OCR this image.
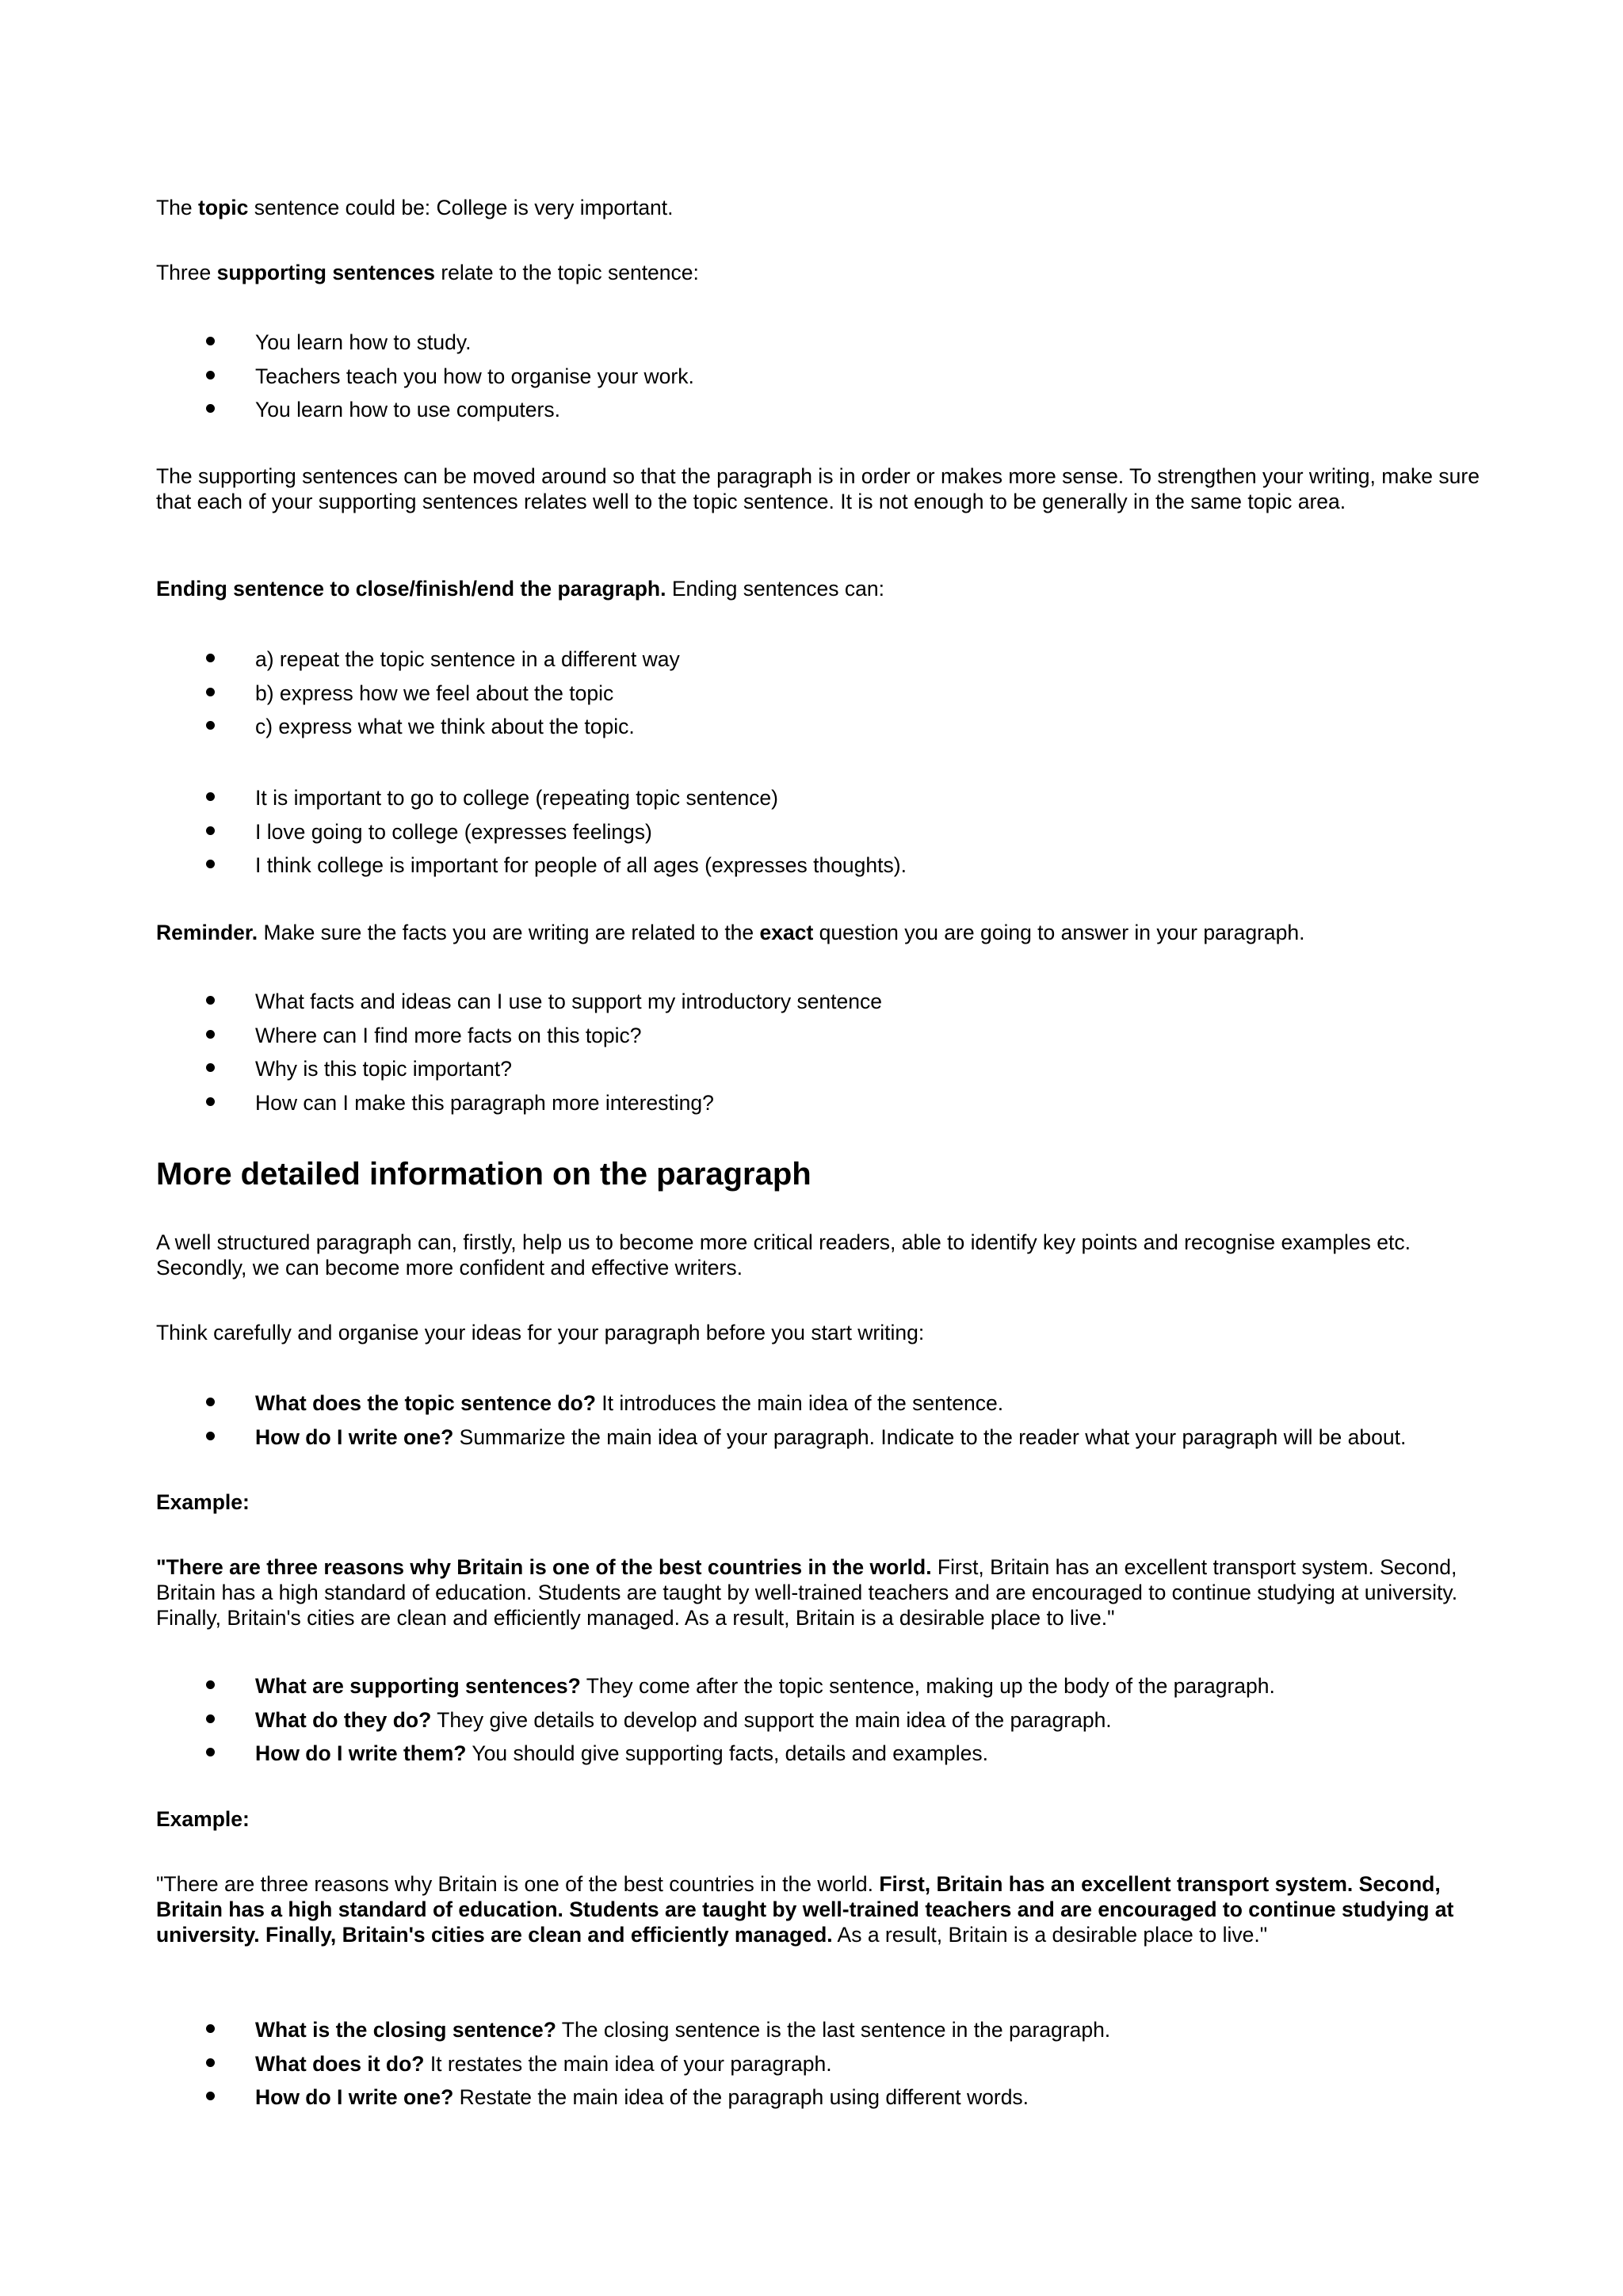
The topic sentence could be: College is very important.
Three supporting sentences relate to the topic sentence:
You learn how to study.
Teachers teach you how to organise your work.
You learn how to use computers.
The supporting sentences can be moved around so that the paragraph is in order or makes more sense. To strengthen your writing, make sure that each of your supporting sentences relates well to the topic sentence. It is not enough to be generally in the same topic area.
Ending sentence to close/finish/end the paragraph. Ending sentences can:
a) repeat the topic sentence in a different way
b) express how we feel about the topic
c) express what we think about the topic.
It is important to go to college (repeating topic sentence)
I love going to college (expresses feelings)
I think college is important for people of all ages (expresses thoughts).
Reminder. Make sure the facts you are writing are related to the exact question you are going to answer in your paragraph.
What facts and ideas can I use to support my introductory sentence
Where can I find more facts on this topic?
Why is this topic important?
How can I make this paragraph more interesting?
More detailed information on the paragraph
A well structured paragraph can, firstly, help us to become more critical readers, able to identify key points and recognise examples etc. Secondly, we can become more confident and effective writers.
Think carefully and organise your ideas for your paragraph before you start writing:
What does the topic sentence do? It introduces the main idea of the sentence.
How do I write one? Summarize the main idea of your paragraph. Indicate to the reader what your paragraph will be about.
Example:
"There are three reasons why Britain is one of the best countries in the world. First, Britain has an excellent transport system. Second, Britain has a high standard of education. Students are taught by well-trained teachers and are encouraged to continue studying at university. Finally, Britain's cities are clean and efficiently managed. As a result, Britain is a desirable place to live."
What are supporting sentences? They come after the topic sentence, making up the body of the paragraph.
What do they do? They give details to develop and support the main idea of the paragraph.
How do I write them? You should give supporting facts, details and examples.
Example:
"There are three reasons why Britain is one of the best countries in the world. First, Britain has an excellent transport system. Second, Britain has a high standard of education. Students are taught by well-trained teachers and are encouraged to continue studying at university. Finally, Britain's cities are clean and efficiently managed. As a result, Britain is a desirable place to live."
What is the closing sentence? The closing sentence is the last sentence in the paragraph.
What does it do? It restates the main idea of your paragraph.
How do I write one? Restate the main idea of the paragraph using different words.
